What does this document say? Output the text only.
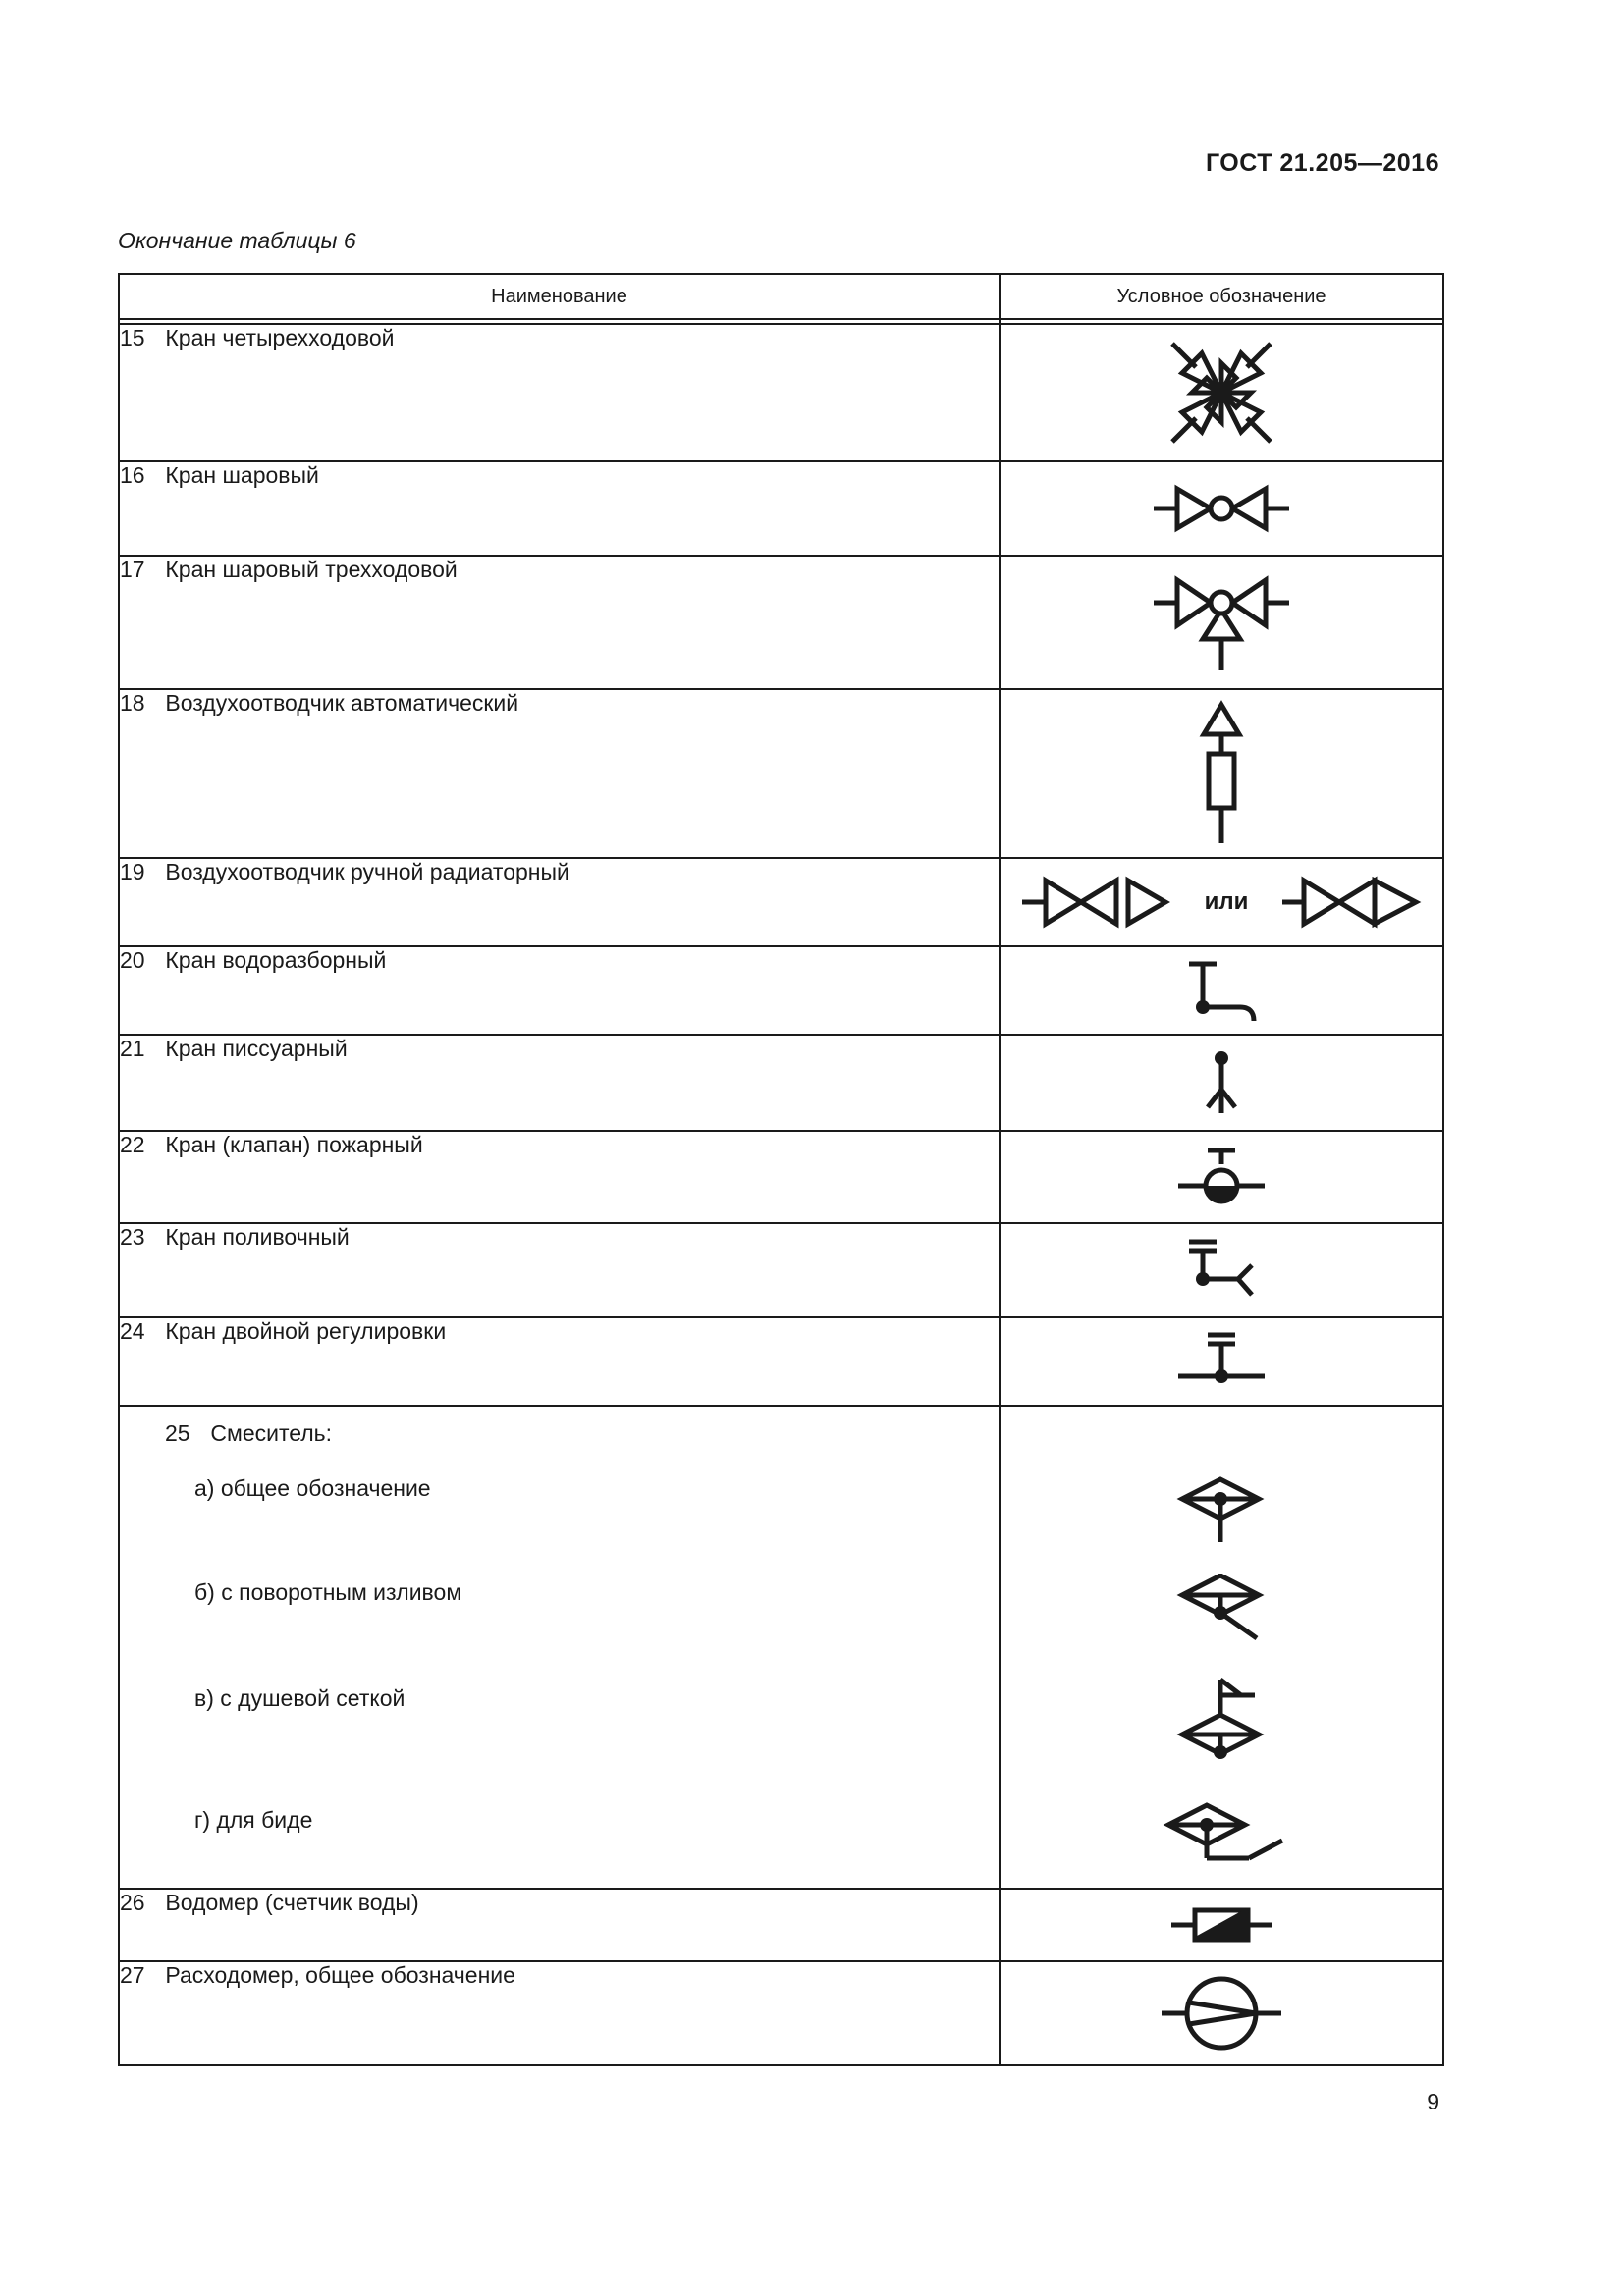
ГОСТ 21.205—2016
Окончание таблицы 6
Наименование	Условное обозначение

15 Кран четырехходовой	

16 Кран шаровый	

17 Кран шаровый трехходовой	

18 Воздухоотводчик автоматический	

19 Воздухоотводчик ручной радиаторный	или

20 Кран водоразборный	

21 Кран писсуарный	

22 Кран (клапан) пожарный	

23 Кран поливочный	

24 Кран двойной регулировки	

25 Смеситель:
а) общее обозначение
б) с поворотным изливом
в) с душевой сеткой
г) для биде

26 Водомер (счетчик воды)	

27 Расходомер, общее обозначение	
9
